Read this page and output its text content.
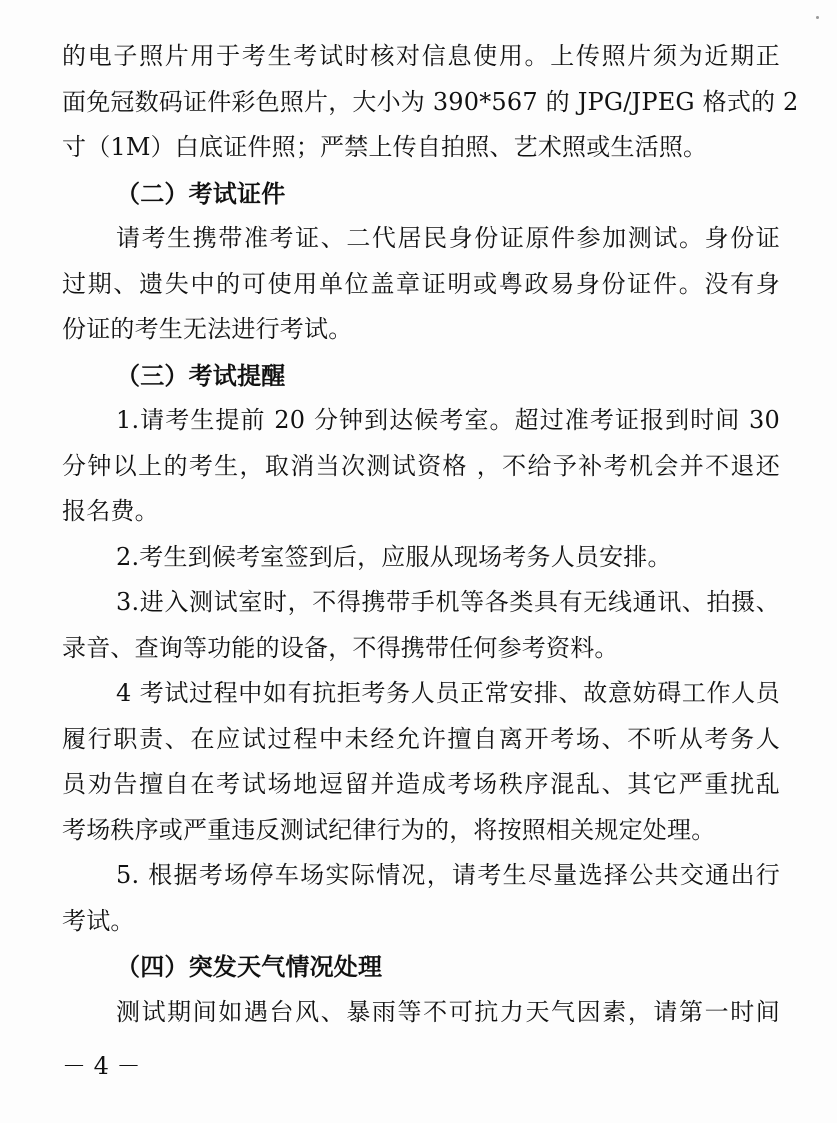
的电子照片用于考生考试时核对信息使用。上传照片须为近期正
面免冠数码证件彩色照片，大小为 390*567 的 JPG/JPEG 格式的 2
寸（1M）白底证件照；严禁上传自拍照、艺术照或生活照。
（二）考试证件
请考生携带准考证、二代居民身份证原件参加测试。身份证
过期、遗失中的可使用单位盖章证明或粤政易身份证件。没有身
份证的考生无法进行考试。
（三）考试提醒
1.请考生提前 20 分钟到达候考室。超过准考证报到时间 30
分钟以上的考生，取消当次测试资格 ，不给予补考机会并不退还
报名费。
2.考生到候考室签到后，应服从现场考务人员安排。
3.进入测试室时，不得携带手机等各类具有无线通讯、拍摄、
录音、查询等功能的设备，不得携带任何参考资料。
4 考试过程中如有抗拒考务人员正常安排、故意妨碍工作人员
履行职责、在应试过程中未经允许擅自离开考场、不听从考务人
员劝告擅自在考试场地逗留并造成考场秩序混乱、其它严重扰乱
考场秩序或严重违反测试纪律行为的，将按照相关规定处理。
5. 根据考场停车场实际情况，请考生尽量选择公共交通出行
考试。
（四）突发天气情况处理
测试期间如遇台风、暴雨等不可抗力天气因素，请第一时间
－ 4 －
